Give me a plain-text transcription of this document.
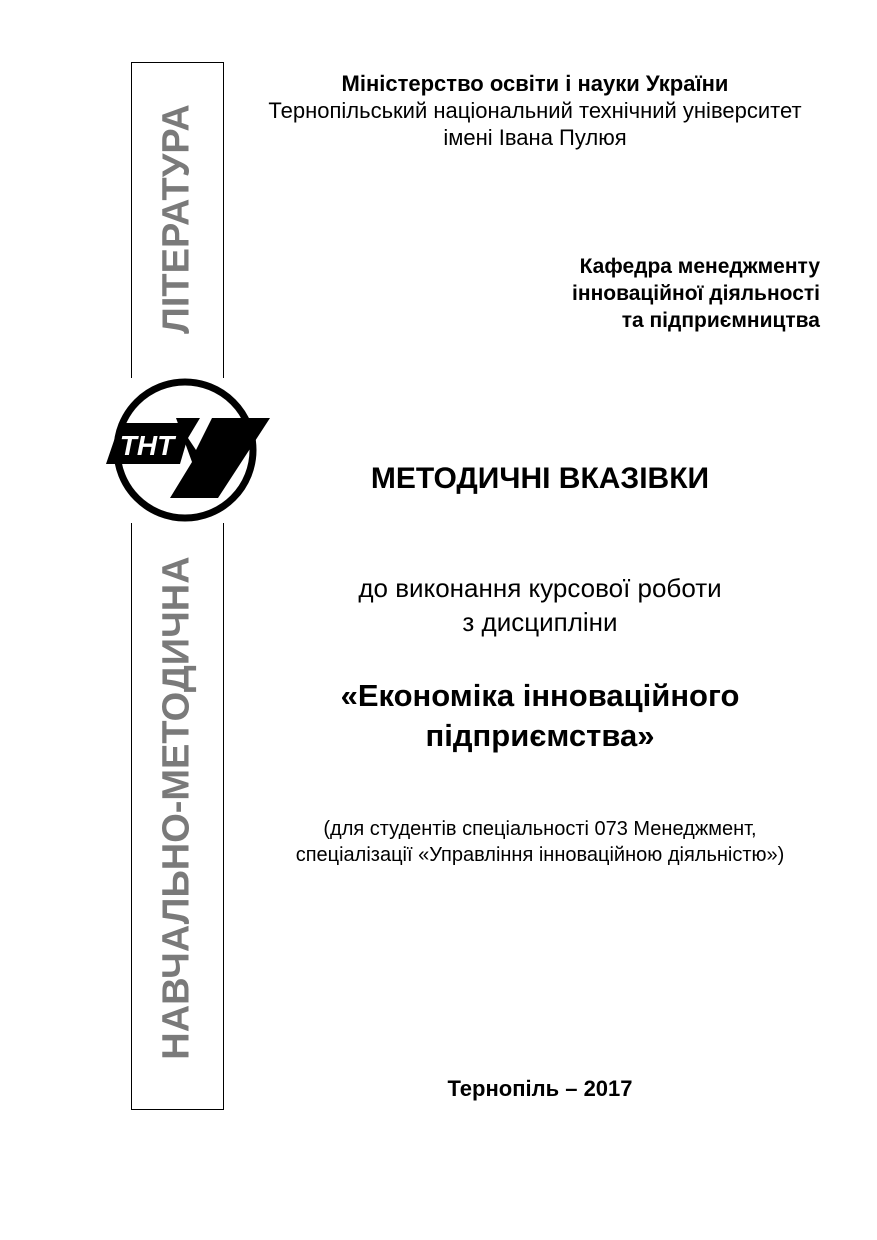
ЛІТЕРАТУРА
НАВЧАЛЬНО-МЕТОДИЧНА
ТНТ
Міністерство освіти і науки України
Тернопільський національний технічний університет
імені Івана Пулюя
Кафедра менеджменту
інноваційної діяльності
та підприємництва
МЕТОДИЧНІ ВКАЗІВКИ
до виконання курсової роботи
з дисципліни
«Економіка інноваційного
підприємства»
(для студентів спеціальності 073 Менеджмент,
спеціалізації «Управління інноваційною діяльністю»)
Тернопіль – 2017
